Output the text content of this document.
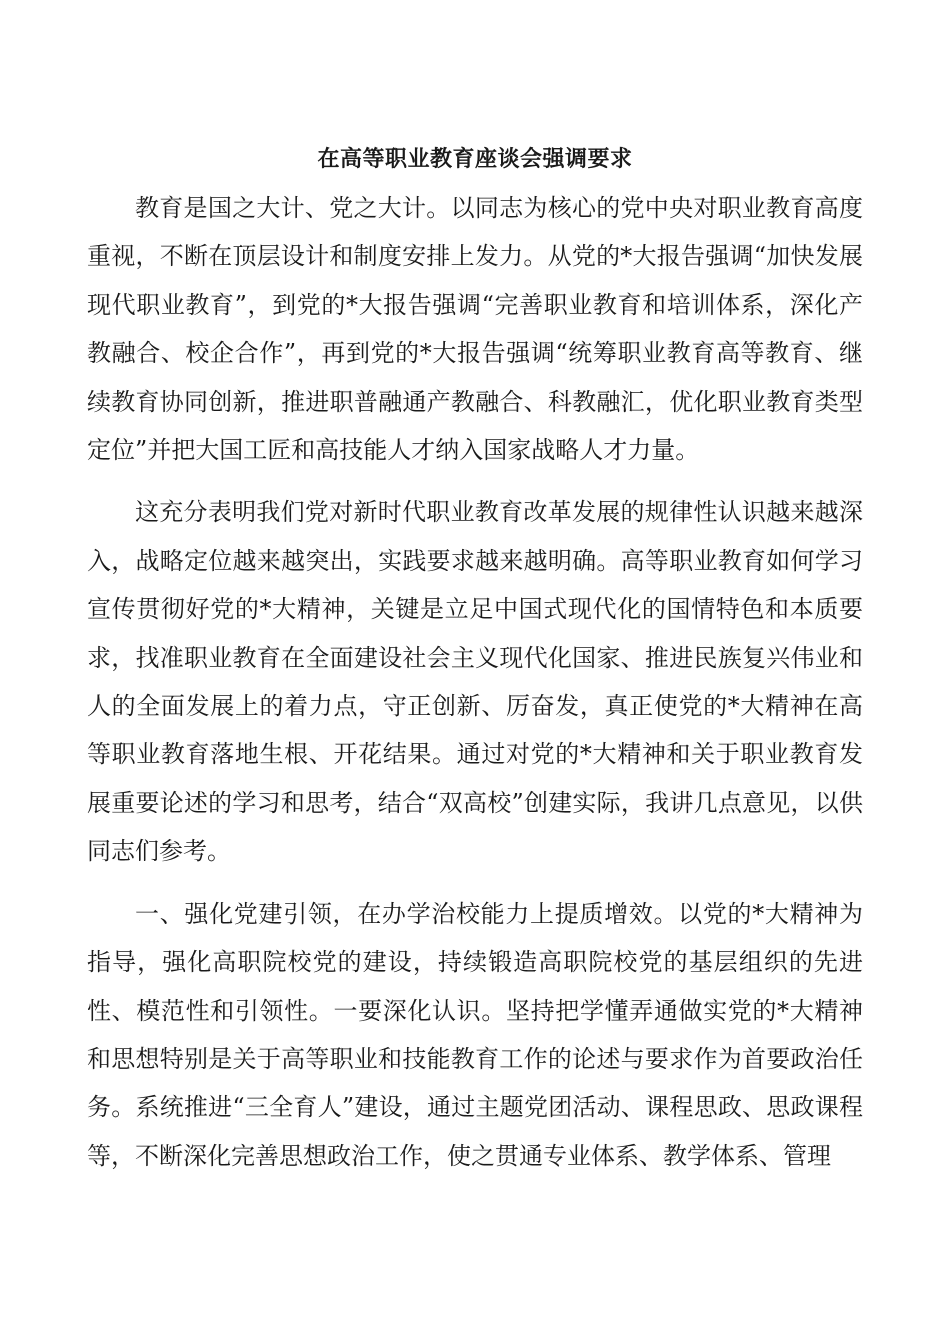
在高等职业教育座谈会强调要求

教育是国之大计、党之大计。以同志为核心的党中央对职业教育高度重视，不断在顶层设计和制度安排上发力。从党的*大报告强调“加快发展现代职业教育”，到党的*大报告强调“完善职业教育和培训体系，深化产教融合、校企合作”，再到党的*大报告强调“统筹职业教育高等教育、继续教育协同创新，推进职普融通产教融合、科教融汇，优化职业教育类型定位”并把大国工匠和高技能人才纳入国家战略人才力量。

这充分表明我们党对新时代职业教育改革发展的规律性认识越来越深入，战略定位越来越突出，实践要求越来越明确。高等职业教育如何学习宣传贯彻好党的*大精神，关键是立足中国式现代化的国情特色和本质要求，找准职业教育在全面建设社会主义现代化国家、推进民族复兴伟业和人的全面发展上的着力点，守正创新、厉奋发，真正使党的*大精神在高等职业教育落地生根、开花结果。通过对党的*大精神和关于职业教育发展重要论述的学习和思考，结合“双高校”创建实际，我讲几点意见，以供同志们参考。

一、强化党建引领，在办学治校能力上提质增效。以党的*大精神为指导，强化高职院校党的建设，持续锻造高职院校党的基层组织的先进性、模范性和引领性。一要深化认识。坚持把学懂弄通做实党的*大精神和思想特别是关于高等职业和技能教育工作的论述与要求作为首要政治任务。系统推进“三全育人”建设，通过主题党团活动、课程思政、思政课程等，不断深化完善思想政治工作，使之贯通专业体系、教学体系、管理
